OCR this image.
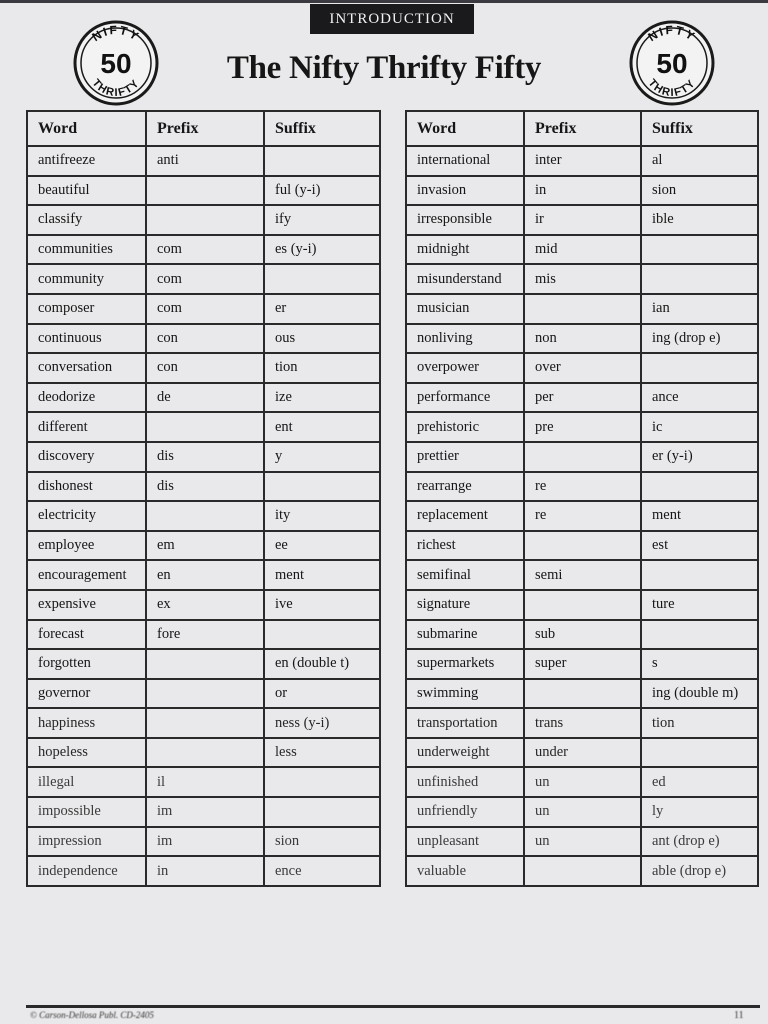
INTRODUCTION
NIFTY
50
THRIFTY	The Nifty Thrifty Fifty
NIFTY
50
THRIFTY
Word	Prefix	Suffix
antifreeze	anti	
beautiful		ful (y-i)
classify		ify
communities	com	es (y-i)
community	com	
composer	com	er
continuous	con	ous
conversation	con	tion
deodorize	de	ize
different		ent
discovery	dis	y
dishonest	dis	
electricity		ity
employee	em	ee
encouragement	en	ment
expensive	ex	ive
forecast	fore	
forgotten		en (double t)
governor		or
happiness		ness (y-i)
hopeless		less
illegal	il	
impossible	im	
impression	im	sion
independence	in	ence
Word	Prefix	Suffix
international	inter	al
invasion	in	sion
irresponsible	ir	ible
midnight	mid	
misunderstand	mis	
musician		ian
nonliving	non	ing (drop e)
overpower	over	
performance	per	ance
prehistoric	pre	ic
prettier		er (y-i)
rearrange	re	
replacement	re	ment
richest		est
semifinal	semi	
signature		ture
submarine	sub	
supermarkets	super	s
swimming		ing (double m)
transportation	trans	tion
underweight	under	
unfinished	un	ed
unfriendly	un	ly
unpleasant	un	ant (drop e)
valuable		able (drop e)
© Carson-Dellosa Publ. CD-2405	11
